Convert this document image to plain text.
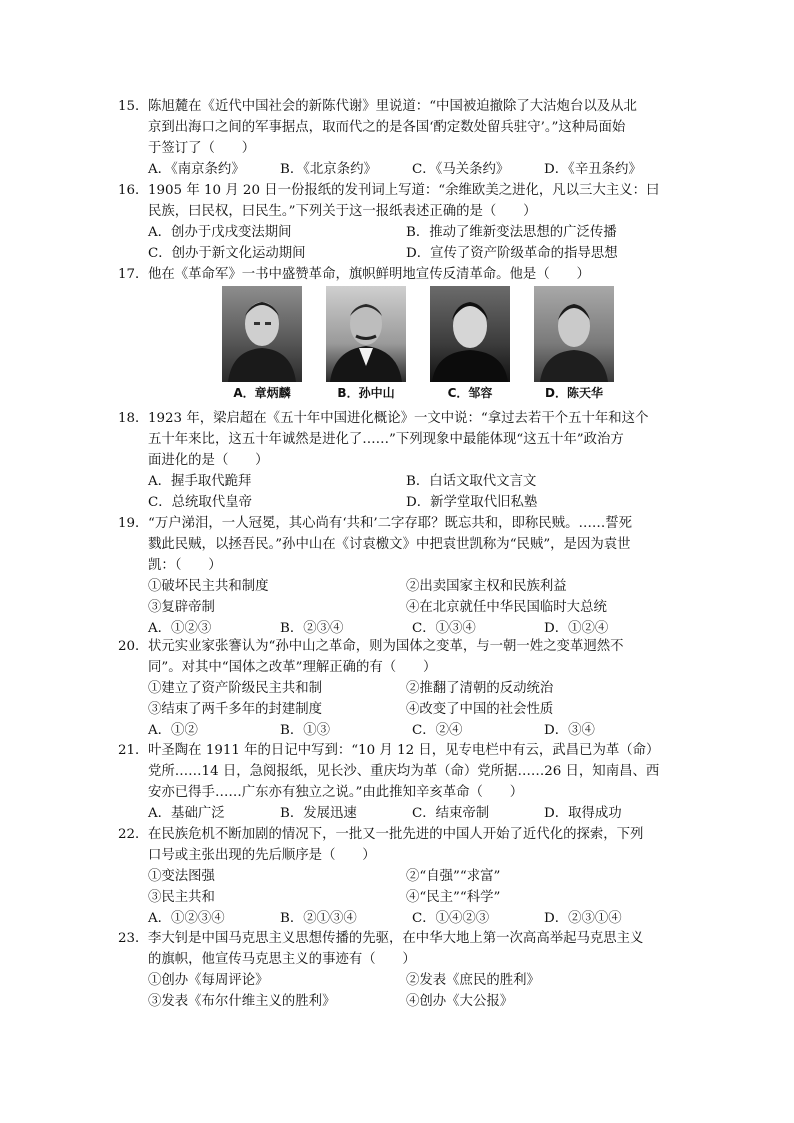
15． 陈旭麓在《近代中国社会的新陈代谢》里说道：“中国被迫撤除了大沽炮台以及从北
京到出海口之间的军事据点，取而代之的是各国‘酌定数处留兵驻守’。”这种局面始
于签订了（　　）
A．《南京条约》	B．《北京条约》	C．《马关条约》	D．《辛丑条约》
16． 1905 年 10 月 20 日一份报纸的发刊词上写道：“余维欧美之进化，凡以三大主义：曰
民族，曰民权，曰民生。”下列关于这一报纸表述正确的是（　　）
A．创办于戊戌变法期间	B．推动了维新变法思想的广泛传播
C．创办于新文化运动期间	D．宣传了资产阶级革命的指导思想
17． 他在《革命军》一书中盛赞革命，旗帜鲜明地宣传反清革命。他是（　　）
A．章炳麟	B．孙中山	C．邹容	D．陈天华
18． 1923 年，梁启超在《五十年中国进化概论》一文中说：“拿过去若干个五十年和这个
五十年来比，这五十年诚然是进化了……”下列现象中最能体现“这五十年”政治方
面进化的是（　　）
A．握手取代跪拜	B．白话文取代文言文
C．总统取代皇帝	D．新学堂取代旧私塾
19． “万户涕泪，一人冠冕，其心尚有‘共和’二字存耶？既忘共和，即称民贼。……誓死
戮此民贼，以拯吾民。”孙中山在《讨袁檄文》中把袁世凯称为“民贼”，是因为袁世
凯：（　　）
①破坏民主共和制度	②出卖国家主权和民族利益
③复辟帝制	④在北京就任中华民国临时大总统
A．①②③	B．②③④	C．①③④	D．①②④
20． 状元实业家张謇认为“孙中山之革命，则为国体之变革，与一朝一姓之变革迥然不
同”。对其中“国体之改革”理解正确的有（　　）
①建立了资产阶级民主共和制	②推翻了清朝的反动统治
③结束了两千多年的封建制度	④改变了中国的社会性质
A．①②	B．①③	C．②④	D．③④
21． 叶圣陶在 1911 年的日记中写到：“10 月 12 日，见专电栏中有云，武昌已为革（命）
党所……14 日，急阅报纸，见长沙、重庆均为革（命）党所据……26 日，知南昌、西
安亦已得手……广东亦有独立之说。”由此推知辛亥革命（　　）
A．基础广泛	B．发展迅速	C．结束帝制	D．取得成功
22． 在民族危机不断加剧的情况下，一批又一批先进的中国人开始了近代化的探索，下列
口号或主张出现的先后顺序是（　　）
①变法图强	②“自强”“求富”
③民主共和	④“民主”“科学”
A．①②③④	B．②①③④	C．①④②③	D．②③①④
23． 李大钊是中国马克思主义思想传播的先驱，在中华大地上第一次高高举起马克思主义
的旗帜，他宣传马克思主义的事迹有（　　）
①创办《每周评论》	②发表《庶民的胜利》
③发表《布尔什维主义的胜利》	④创办《大公报》
